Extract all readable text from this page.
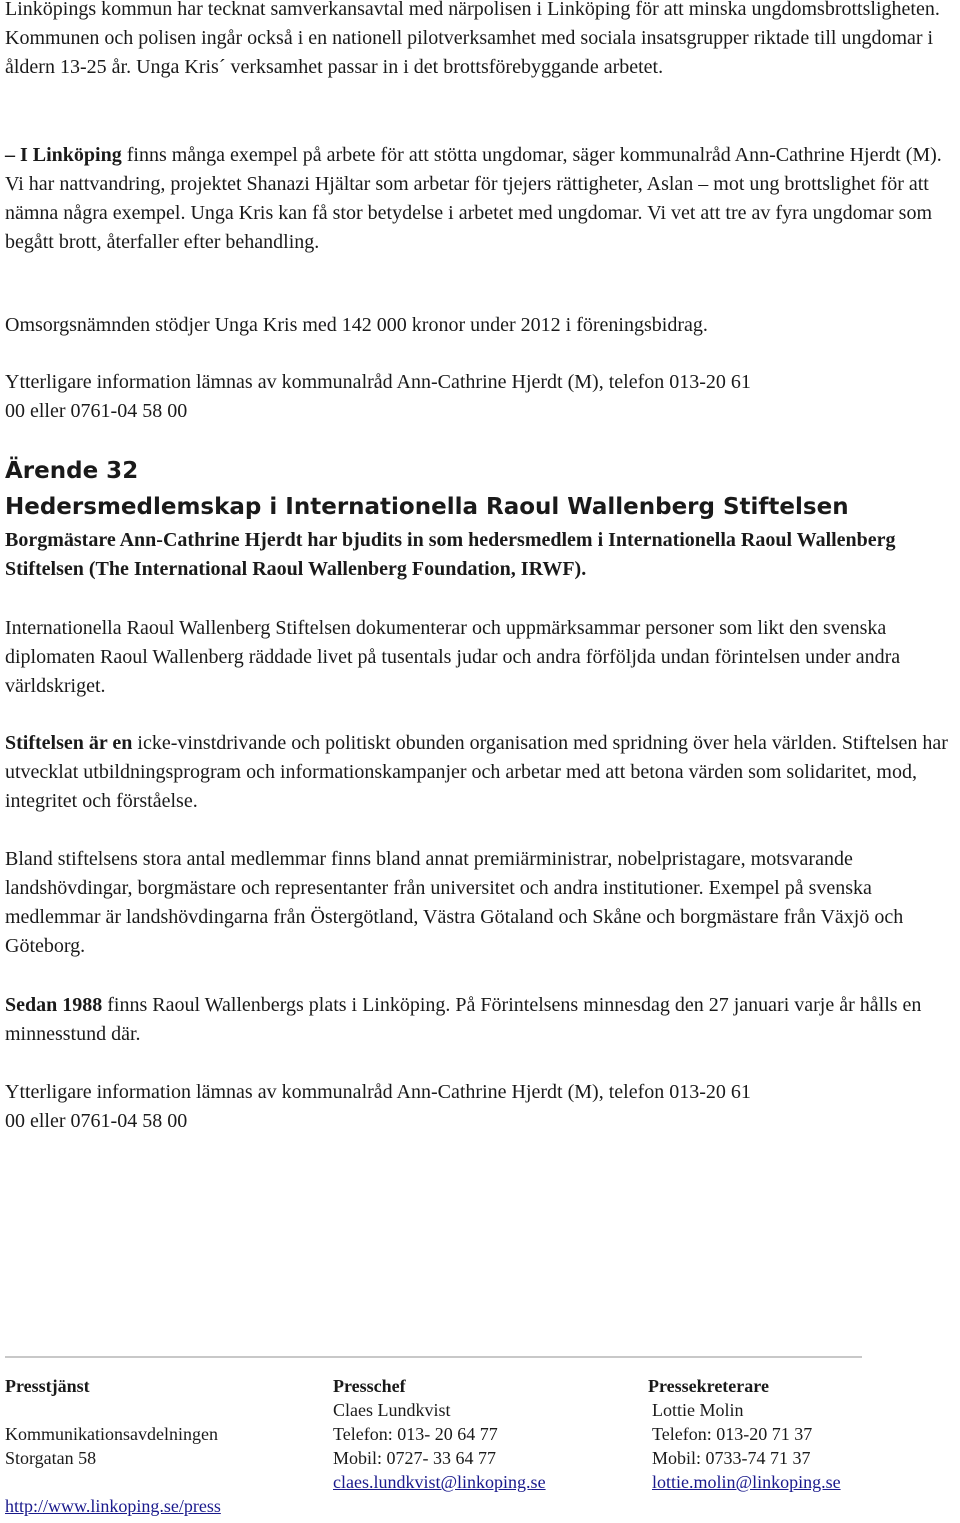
Linköpings kommun har tecknat samverkansavtal med närpolisen i Linköping för att minska ungdomsbrottsligheten. Kommunen och polisen ingår också i en nationell pilotverksamhet med sociala insatsgrupper riktade till ungdomar i åldern 13-25 år. Unga Kris´ verksamhet passar in i det brottsförebyggande arbetet.

– I Linköping finns många exempel på arbete för att stötta ungdomar, säger kommunalråd Ann-Cathrine Hjerdt (M). Vi har nattvandring, projektet Shanazi Hjältar som arbetar för tjejers rättigheter, Aslan – mot ung brottslighet för att nämna några exempel. Unga Kris kan få stor betydelse i arbetet med ungdomar. Vi vet att tre av fyra ungdomar som begått brott, återfaller efter behandling.

Omsorgsnämnden stödjer Unga Kris med 142 000 kronor under 2012 i föreningsbidrag.

Ytterligare information lämnas av kommunalråd Ann-Cathrine Hjerdt (M), telefon 013-20 61 00 eller 0761-04 58 00

Ärende 32
Hedersmedlemskap i Internationella Raoul Wallenberg Stiftelsen

Borgmästare Ann-Cathrine Hjerdt har bjudits in som hedersmedlem i Internationella Raoul Wallenberg Stiftelsen (The International Raoul Wallenberg Foundation, IRWF).

Internationella Raoul Wallenberg Stiftelsen dokumenterar och uppmärksammar personer som likt den svenska diplomaten Raoul Wallenberg räddade livet på tusentals judar och andra förföljda undan förintelsen under andra världskriget.

Stiftelsen är en icke-vinstdrivande och politiskt obunden organisation med spridning över hela världen. Stiftelsen har utvecklat utbildningsprogram och informationskampanjer och arbetar med att betona värden som solidaritet, mod, integritet och förståelse.

Bland stiftelsens stora antal medlemmar finns bland annat premiärministrar, nobelpristagare, motsvarande landshövdingar, borgmästare och representanter från universitet och andra institutioner. Exempel på svenska medlemmar är landshövdingarna från Östergötland, Västra Götaland och Skåne och borgmästare från Växjö och Göteborg.

Sedan 1988 finns Raoul Wallenbergs plats i Linköping. På Förintelsens minnesdag den 27 januari varje år hålls en minnesstund där.

Ytterligare information lämnas av kommunalråd Ann-Cathrine Hjerdt (M), telefon 013-20 61 00 eller 0761-04 58 00

Presstjänst
Kommunikationsavdelningen
Storgatan 58
http://www.linkoping.se/press
Presschef
Claes Lundkvist
Telefon: 013- 20 64 77
Mobil: 0727- 33 64 77
claes.lundkvist@linkoping.se
Pressekreterare
Lottie Molin
Telefon: 013-20 71 37
Mobil: 0733-74 71 37
lottie.molin@linkoping.se
